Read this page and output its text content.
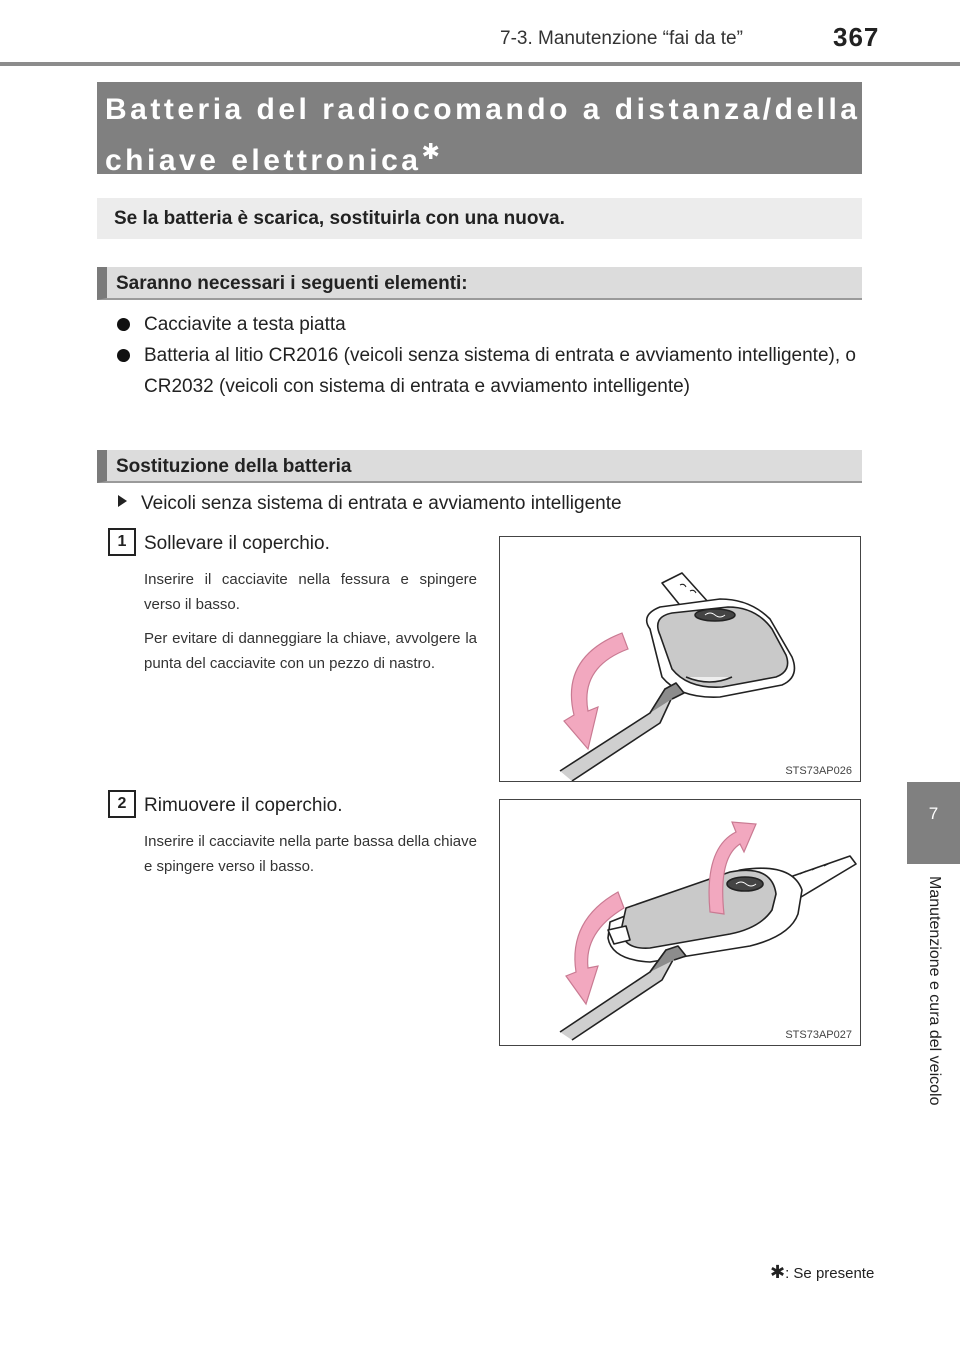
7-3. Manutenzione “fai da te”	367
Batteria del radiocomando a distanza/della
chiave elettronica✱
Se la batteria è scarica, sostituirla con una nuova.
Saranno necessari i seguenti elementi:
Cacciavite a testa piatta
Batteria al litio CR2016 (veicoli senza sistema di entrata e avviamento intelligente), o CR2032 (veicoli con sistema di entrata e avviamento intelligente)
Sostituzione della batteria
Veicoli senza sistema di entrata e avviamento intelligente
1 Sollevare il coperchio.
Inserire il cacciavite nella fessura e spingere verso il basso.
Per evitare di danneggiare la chiave, avvolgere la punta del cacciavite con un pezzo di nastro.
STS73AP026
2 Rimuovere il coperchio.
Inserire il cacciavite nella parte bassa della chiave e spingere verso il basso.
STS73AP027
7
Manutenzione e cura del veicolo
✱: Se presente
